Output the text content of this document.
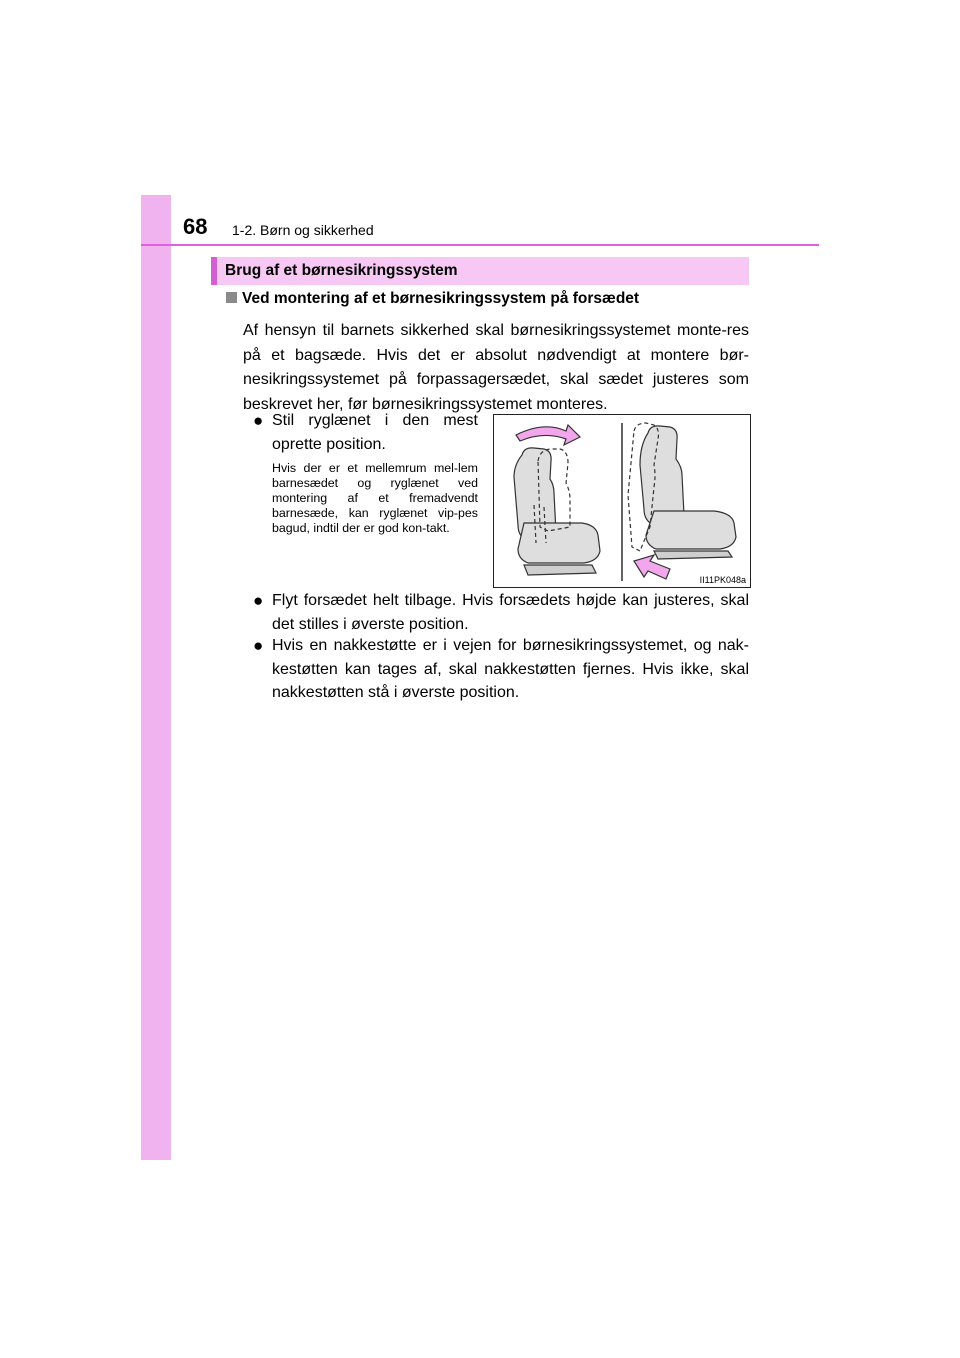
68 1-2. Børn og sikkerhed
Brug af et børnesikringssystem
Ved montering af et børnesikringssystem på forsædet
Af hensyn til barnets sikkerhed skal børnesikringssystemet monte-res på et bagsæde. Hvis det er absolut nødvendigt at montere bør-nesikringssystemet på forpassagersædet, skal sædet justeres som beskrevet her, før børnesikringssystemet monteres.
● Stil ryglænet i den mest oprette position.
Hvis der er et mellemrum mel-lem barnesædet og ryglænet ved montering af et fremadvendt barnesæde, kan ryglænet vip-pes bagud, indtil der er god kon-takt.
II11PK048a
● Flyt forsædet helt tilbage. Hvis forsædets højde kan justeres, skal det stilles i øverste position.
● Hvis en nakkestøtte er i vejen for børnesikringssystemet, og nak-kestøtten kan tages af, skal nakkestøtten fjernes. Hvis ikke, skal nakkestøtten stå i øverste position.
